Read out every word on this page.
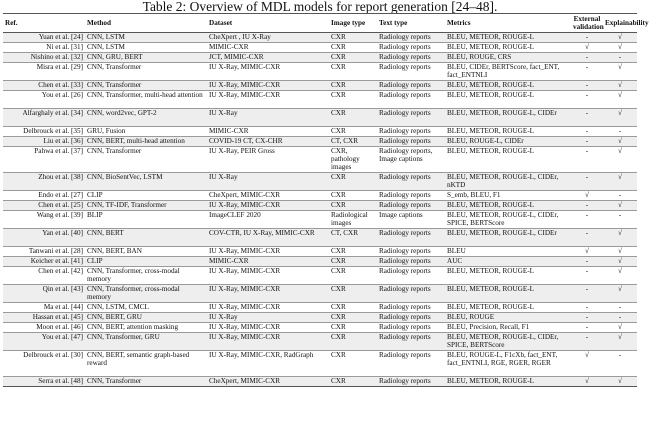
Table 2: Overview of MDL models for report generation [24–48].
Ref.	Method	Dataset	Image type	Text type	Metrics	External validation	Explainability
Yuan et al. [24]	CNN, LSTM	CheXpert , IU X-Ray	CXR	Radiology reports	BLEU, METEOR, ROUGE-L	-	√
Ni et al. [31]	CNN, LSTM	MIMIC-CXR	CXR	Radiology reports	BLEU, METEOR, ROUGE-L	√	√
Nishino et al. [32]	CNN, GRU, BERT	JCT, MIMIC-CXR	CXR	Radiology reports	BLEU, ROUGE, CRS	-	-
Misra et al. [29]	CNN, Transformer	IU X-Ray, MIMIC-CXR	CXR	Radiology reports	BLEU, CIDEr, BERTScore, fact_ENT, fact_ENTNLI	-	√
Chen et al. [33]	CNN, Transformer	IU X-Ray, MIMIC-CXR	CXR	Radiology reports	BLEU, METEOR, ROUGE-L	-	√
You et al. [26]	CNN, Transformer, multi-head attention	IU X-Ray, MIMIC-CXR	CXR	Radiology reports	BLEU, METEOR, ROUGE-L	-	√
Alfarghaly et al. [34]	CNN, word2vec, GPT-2	IU X-Ray	CXR	Radiology reports	BLEU, METEOR, ROUGE-L, CIDEr	-	√
Delbrouck et al. [35]	GRU, Fusion	MIMIC-CXR	CXR	Radiology reports	BLEU, METEOR, ROUGE-L	-	-
Liu et al. [36]	CNN, BERT, multi-head attention	COVID-19 CT, CX-CHR	CT, CXR	Radiology reports	BLEU, ROUGE-L, CIDEr	-	√
Pahwa et al. [37]	CNN, Transformer	IU X-Ray, PEIR Gross	CXR, pathology images	Radiology reports, Image captions	BLEU, METEOR, ROUGE-L	-	√
Zhou et al. [38]	CNN, BioSentVec, LSTM	IU X-Ray	CXR	Radiology reports	BLEU, METEOR, ROUGE-L, CIDEr, nKTD	-	√
Endo et al. [27]	CLIP	CheXpert, MIMIC-CXR	CXR	Radiology reports	S_emb, BLEU, F1	√	-
Chen et al. [25]	CNN, TF-IDF, Transformer	IU X-Ray, MIMIC-CXR	CXR	Radiology reports	BLEU, METEOR, ROUGE-L	-	√
Wang et al. [39]	BLIP	ImageCLEF 2020	Radiological images	Image captions	BLEU, METEOR, ROUGE-L, CIDEr, SPICE, BERTScore	-	-
Yan et al. [40]	CNN, BERT	COV-CTR, IU X-Ray, MIMIC-CXR	CT, CXR	Radiology reports	BLEU, METEOR, ROUGE-L, CIDEr	-	√
Tanwani et al. [28]	CNN, BERT, BAN	IU X-Ray, MIMIC-CXR	CXR	Radiology reports	BLEU	√	√
Keicher et al. [41]	CLIP	MIMIC-CXR	CXR	Radiology reports	AUC	-	√
Chen et al. [42]	CNN, Transformer, cross-modal memory	IU X-Ray, MIMIC-CXR	CXR	Radiology reports	BLEU, METEOR, ROUGE-L	-	√
Qin et al. [43]	CNN, Transformer, cross-modal memory	IU X-Ray, MIMIC-CXR	CXR	Radiology reports	BLEU, METEOR, ROUGE-L	-	√
Ma et al. [44]	CNN, LSTM, CMCL	IU X-Ray, MIMIC-CXR	CXR	Radiology reports	BLEU, METEOR, ROUGE-L	-	-
Hassan et al. [45]	CNN, BERT, GRU	IU X-Ray	CXR	Radiology reports	BLEU, ROUGE	-	-
Moon et al. [46]	CNN, BERT, attention masking	IU X-Ray, MIMIC-CXR	CXR	Radiology reports	BLEU, Precision, Recall, F1	-	√
You et al. [47]	CNN, Transformer, GRU	IU X-Ray, MIMIC-CXR	CXR	Radiology reports	BLEU, METEOR, ROUGE-L, CIDEr, SPICE, BERTScore	-	√
Delbrouck et al. [30]	CNN, BERT, semantic graph-based reward	IU X-Ray, MIMIC-CXR, RadGraph	CXR	Radiology reports	BLEU, ROUGE-L, F1cXb, fact_ENT, fact_ENTNLI, RGE, RGER, RGER	√	-
Serra et al. [48]	CNN, Transformer	CheXpert, MIMIC-CXR	CXR	Radiology reports	BLEU, METEOR, ROUGE-L	√	√
